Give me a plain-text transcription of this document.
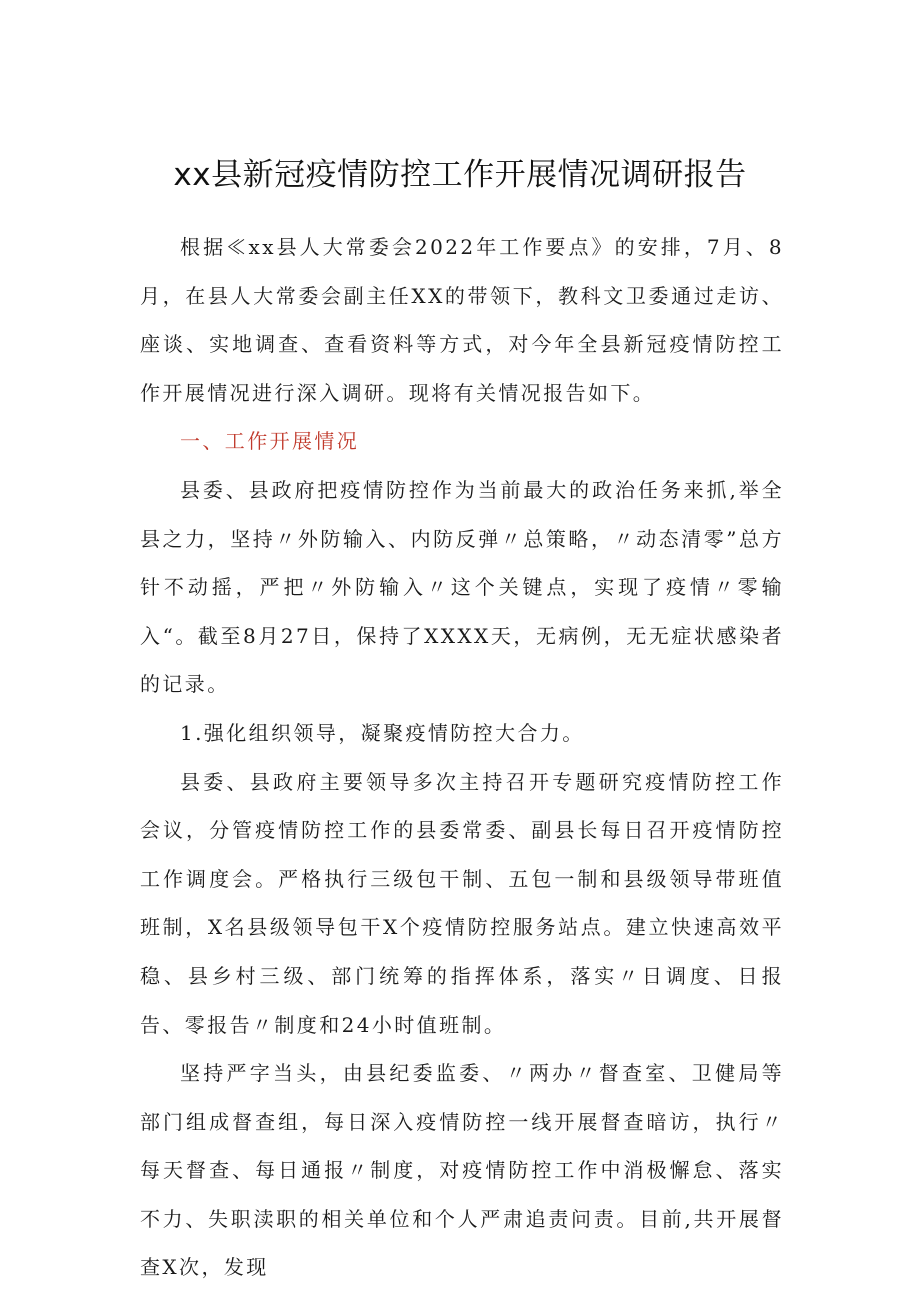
xx县新冠疫情防控工作开展情况调研报告

根据≪xx县人大常委会2022年工作要点》的安排，7月、8月，在县人大常委会副主任XX的带领下，教科文卫委通过走访、座谈、实地调查、查看资料等方式，对今年全县新冠疫情防控工作开展情况进行深入调研。现将有关情况报告如下。

一、工作开展情况

县委、县政府把疫情防控作为当前最大的政治任务来抓,举全县之力，坚持〃外防输入、内防反弹〃总策略，〃动态清零”总方针不动摇，严把〃外防输入〃这个关键点，实现了疫情〃零输入“。截至8月27日，保持了XXXX天，无病例，无无症状感染者的记录。

1.强化组织领导，凝聚疫情防控大合力。

县委、县政府主要领导多次主持召开专题研究疫情防控工作会议，分管疫情防控工作的县委常委、副县长每日召开疫情防控工作调度会。严格执行三级包干制、五包一制和县级领导带班值班制，X名县级领导包干X个疫情防控服务站点。建立快速高效平稳、县乡村三级、部门统筹的指挥体系，落实〃日调度、日报告、零报告〃制度和24小时值班制。

坚持严字当头，由县纪委监委、〃两办〃督查室、卫健局等部门组成督查组，每日深入疫情防控一线开展督查暗访，执行〃每天督查、每日通报〃制度，对疫情防控工作中消极懈怠、落实不力、失职渎职的相关单位和个人严肃追责问责。目前,共开展督查X次，发现
